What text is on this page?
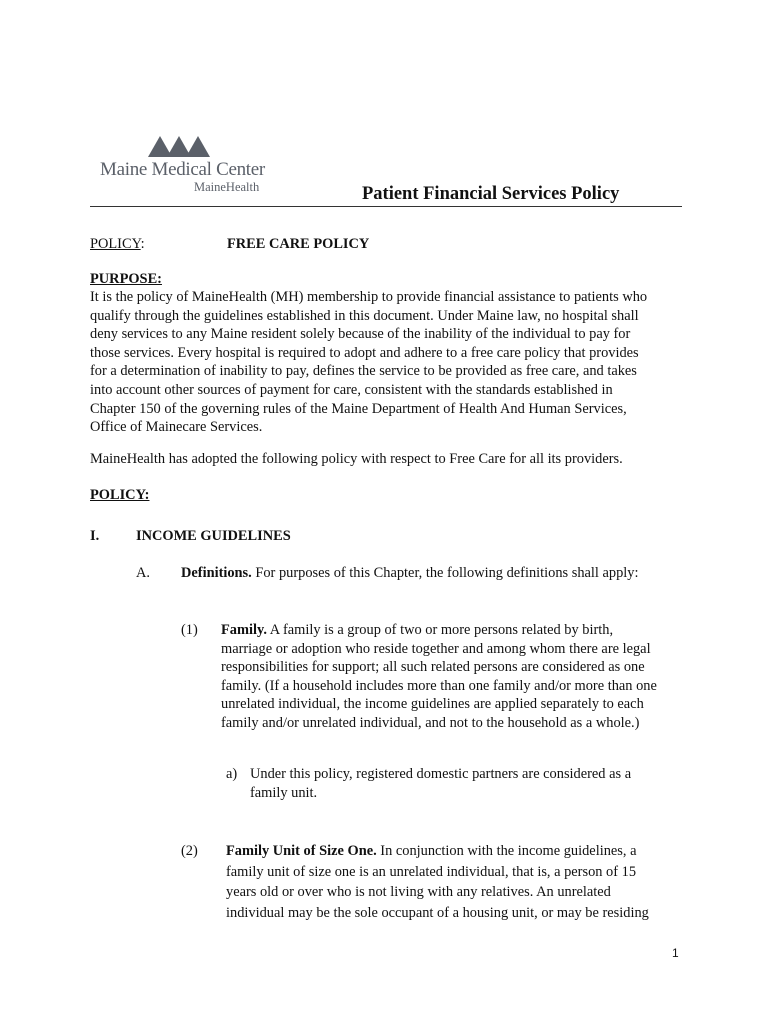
Maine Medical Center
MaineHealth	Patient Financial Services Policy
POLICY:	FREE CARE POLICY
PURPOSE:
It is the policy of MaineHealth (MH) membership to provide financial assistance to patients who
qualify through the guidelines established in this document. Under Maine law, no hospital shall
deny services to any Maine resident solely because of the inability of the individual to pay for
those services. Every hospital is required to adopt and adhere to a free care policy that provides
for a determination of inability to pay, defines the service to be provided as free care, and takes
into account other sources of payment for care, consistent with the standards established in
Chapter 150 of the governing rules of the Maine Department of Health And Human Services,
Office of Mainecare Services.
MaineHealth has adopted the following policy with respect to Free Care for all its providers.
POLICY:
I.	INCOME GUIDELINES
A. Definitions. For purposes of this Chapter, the following definitions shall apply:
(1) Family. A family is a group of two or more persons related by birth,
marriage or adoption who reside together and among whom there are legal
responsibilities for support; all such related persons are considered as one
family. (If a household includes more than one family and/or more than one
unrelated individual, the income guidelines are applied separately to each
family and/or unrelated individual, and not to the household as a whole.)
a) Under this policy, registered domestic partners are considered as a
family unit.
(2) Family Unit of Size One. In conjunction with the income guidelines, a
family unit of size one is an unrelated individual, that is, a person of 15
years old or over who is not living with any relatives. An unrelated
individual may be the sole occupant of a housing unit, or may be residing
1
